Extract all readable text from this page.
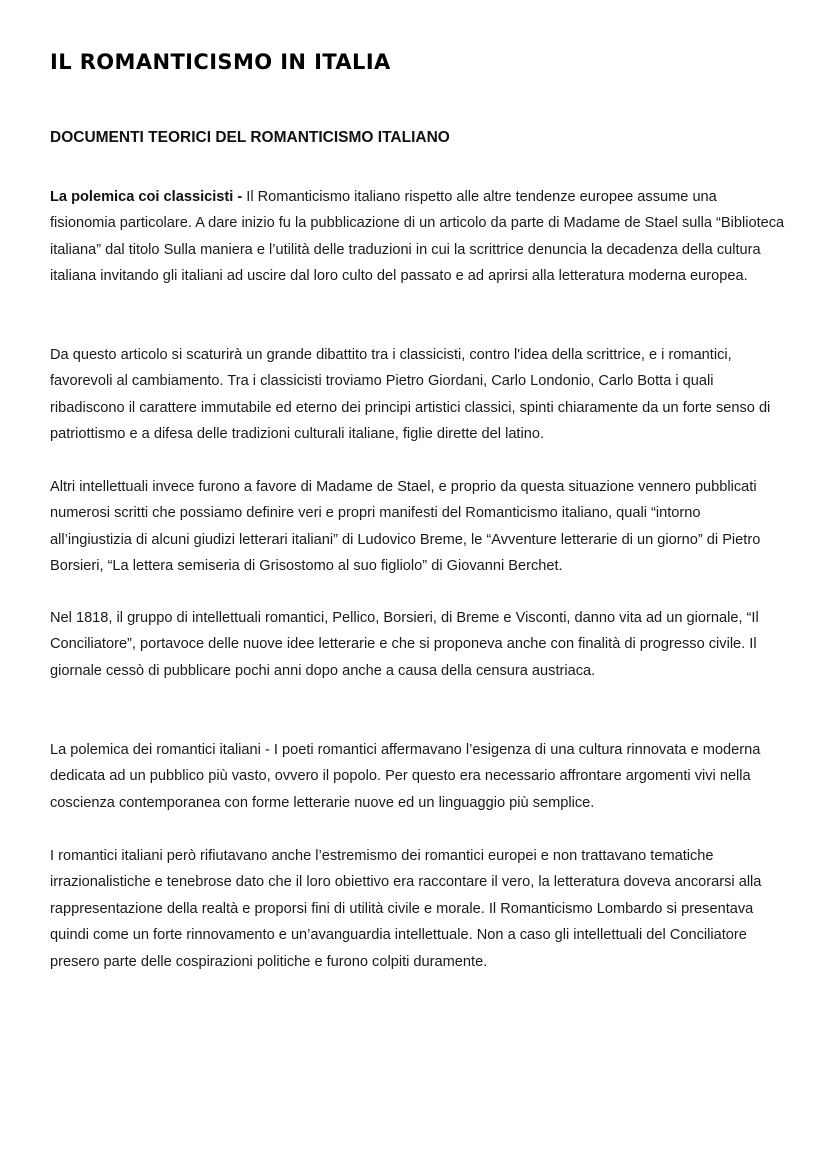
IL ROMANTICISMO IN ITALIA
DOCUMENTI TEORICI DEL ROMANTICISMO ITALIANO

La polemica coi classicisti - Il Romanticismo italiano rispetto alle altre tendenze europee assume una fisionomia particolare. A dare inizio fu la pubblicazione di un articolo da parte di Madame de Stael sulla “Biblioteca italiana” dal titolo Sulla maniera e l’utilità delle traduzioni in cui la scrittrice denuncia la decadenza della cultura italiana invitando gli italiani ad uscire dal loro culto del passato e ad aprirsi alla letteratura moderna europea.

Da questo articolo si scaturirà un grande dibattito tra i classicisti, contro l'idea della scrittrice, e i romantici, favorevoli al cambiamento. Tra i classicisti troviamo Pietro Giordani, Carlo Londonio, Carlo Botta i quali ribadiscono il carattere immutabile ed eterno dei principi artistici classici, spinti chiaramente da un forte senso di patriottismo e a difesa delle tradizioni culturali italiane, figlie dirette del latino.

Altri intellettuali invece furono a favore di Madame de Stael, e proprio da questa situazione vennero pubblicati numerosi scritti che possiamo definire veri e propri manifesti del Romanticismo italiano, quali “intorno all’ingiustizia di alcuni giudizi letterari italiani” di Ludovico Breme, le “Avventure letterarie di un giorno” di Pietro Borsieri, “La lettera semiseria di Grisostomo al suo figliolo” di Giovanni Berchet.

Nel 1818, il gruppo di intellettuali romantici, Pellico, Borsieri, di Breme e Visconti, danno vita ad un giornale, “Il Conciliatore”, portavoce delle nuove idee letterarie e che si proponeva anche con finalità di progresso civile. Il giornale cessò di pubblicare pochi anni dopo anche a causa della censura austriaca.

La polemica dei romantici italiani - I poeti romantici affermavano l’esigenza di una cultura rinnovata e moderna dedicata ad un pubblico più vasto, ovvero il popolo. Per questo era necessario affrontare argomenti vivi nella coscienza contemporanea con forme letterarie nuove ed un linguaggio più semplice.

I romantici italiani però rifiutavano anche l’estremismo dei romantici europei e non trattavano tematiche irrazionalistiche e tenebrose dato che il loro obiettivo era raccontare il vero, la letteratura doveva ancorarsi alla rappresentazione della realtà e proporsi fini di utilità civile e morale. Il Romanticismo Lombardo si presentava quindi come un forte rinnovamento e un’avanguardia intellettuale. Non a caso gli intellettuali del Conciliatore presero parte delle cospirazioni politiche e furono colpiti duramente.
